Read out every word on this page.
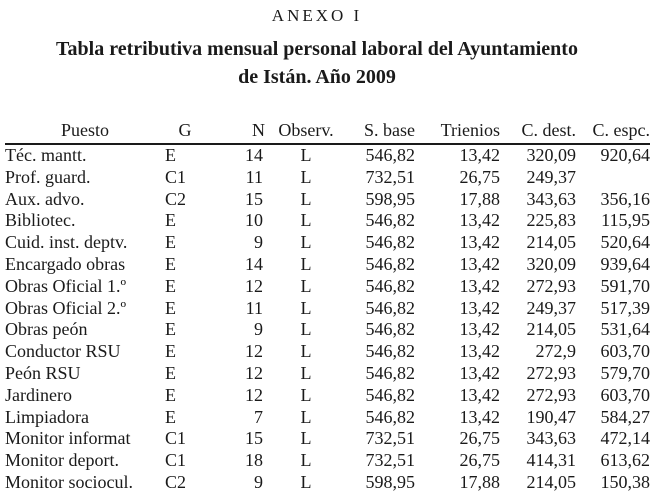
ANEXO I
Tabla retributiva mensual personal laboral del Ayuntamiento
de Istán. Año 2009
Puesto	G	N	Observ.	S. base	Trienios	C. dest.	C. espc.
Téc. mantt.	E	14	L	546,82	13,42	320,09	920,64
Prof. guard.	C1	11	L	732,51	26,75	249,37	
Aux. advo.	C2	15	L	598,95	17,88	343,63	356,16
Bibliotec.	E	10	L	546,82	13,42	225,83	115,95
Cuid. inst. deptv.	E	9	L	546,82	13,42	214,05	520,64
Encargado obras	E	14	L	546,82	13,42	320,09	939,64
Obras Oficial 1.º	E	12	L	546,82	13,42	272,93	591,70
Obras Oficial 2.º	E	11	L	546,82	13,42	249,37	517,39
Obras peón	E	9	L	546,82	13,42	214,05	531,64
Conductor RSU	E	12	L	546,82	13,42	272,9	603,70
Peón RSU	E	12	L	546,82	13,42	272,93	579,70
Jardinero	E	12	L	546,82	13,42	272,93	603,70
Limpiadora	E	7	L	546,82	13,42	190,47	584,27
Monitor informat	C1	15	L	732,51	26,75	343,63	472,14
Monitor deport.	C1	18	L	732,51	26,75	414,31	613,62
Monitor sociocul.	C2	9	L	598,95	17,88	214,05	150,38
